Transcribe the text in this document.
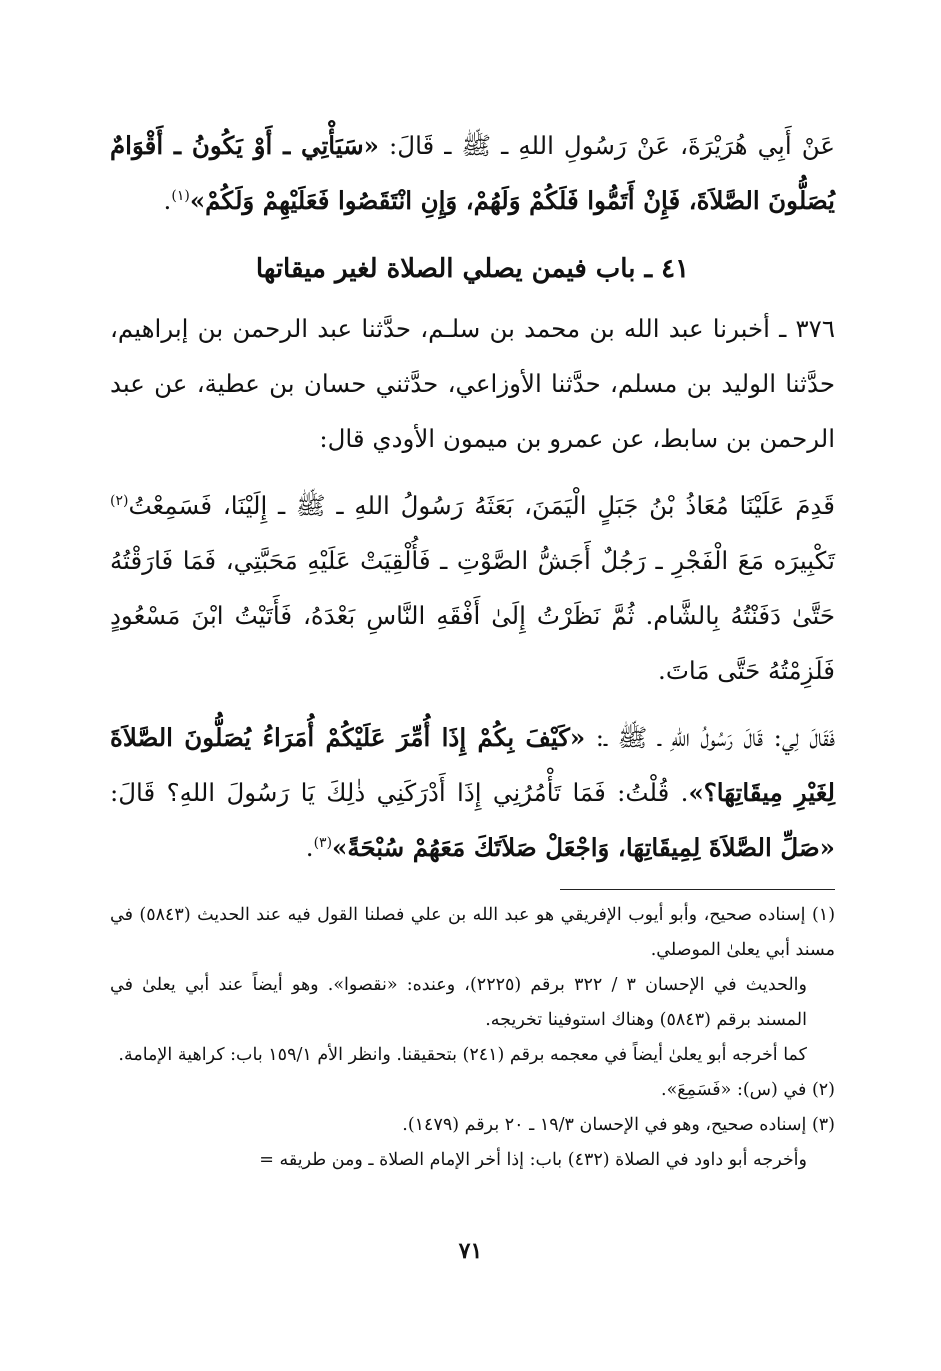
عَنْ أَبِي هُرَيْرَةَ، عَنْ رَسُولِ اللهِ ـ ﷺ ـ قَالَ: «سَيَأْتِي ـ أَوْ يَكُونُ ـ أَقْوَامٌ يُصَلُّونَ الصَّلاَةَ، فَإِنْ أَتَمُّوا فَلَكُمْ وَلَهُمْ، وَإِنِ انْتَقَصُوا فَعَلَيْهِمْ وَلَكُمْ»$^{(١)}$.

٤١ ـ باب فيمن يصلي الصلاة لغير ميقاتها

٣٧٦ ـ أخبرنا عبد الله بن محمد بن سلـم، حدَّثنا عبد الرحمن بن إبراهيم، حدَّثنا الوليد بن مسلم، حدَّثنا الأوزاعي، حدَّثني حسان بن عطية، عن عبد الرحمن بن سابط، عن عمرو بن ميمون الأودي قال:

قَدِمَ عَلَيْنَا مُعَاذُ بْنُ جَبَلٍ الْيَمَنَ، بَعَثَهُ رَسُولُ اللهِ ـ ﷺ ـ إِلَيْنَا، فَسَمِعْتُ$^{(٢)}$ تَكْبِيرَه مَعَ الْفَجْرِ ـ رَجُلٌ أَجَشُّ الصَّوْتِ ـ فَأُلْقِيَتْ عَلَيْهِ مَحَبَّتِي، فَمَا فَارَقْتُهُ حَتَّىٰ دَفَنْتُهُ بِالشَّام. ثُمَّ نَظَرْتُ إِلَىٰ أَفْقَهِ النَّاسِ بَعْدَهُ، فَأَتَيْتُ ابْنَ مَسْعُودٍ فَلَزِمْتُهُ حَتَّى مَاتَ.

فَقَالَ لِي: قَالَ رَسُولُ اللهِ ـ ﷺ ـ: «كَيْفَ بِكُمْ إِذَا أُمِّرَ عَلَيْكُمْ أُمَرَاءُ يُصَلُّونَ الصَّلاَةَ لِغَيْرِ مِيقَاتِهَا؟». قُلْتُ: فَمَا تَأْمُرُنِي إِذَا أَدْرَكَنِي ذٰلِكَ يَا رَسُولَ اللهِ؟ قَالَ: «صَلِّ الصَّلاَةَ لِمِيقَاتِهَا، وَاجْعَلْ صَلاَتَكَ مَعَهُمْ سُبْحَةً»$^{(٣)}$.

(١) إسناده صحيح، وأبو أيوب الإفريقي هو عبد الله بن علي فصلنا القول فيه عند الحديث (٥٨٤٣) في مسند أبي يعلىٰ الموصلي.

والحديث في الإحسان ٣ / ٣٢٢ برقم (٢٢٢٥)، وعنده: «نقصوا». وهو أيضاً عند أبي يعلىٰ في المسند برقم (٥٨٤٣) وهناك استوفينا تخريجه.

كما أخرجه أبو يعلىٰ أيضاً في معجمه برقم (٢٤١) بتحقيقنا. وانظر الأم ١٥٩/١ باب: كراهية الإمامة.

(٢) في (س): «فَسَمِعَ».

(٣) إسناده صحيح، وهو في الإحسان ١٩/٣ ـ ٢٠ برقم (١٤٧٩).

وأخرجه أبو داود في الصلاة (٤٣٢) باب: إذا أخر الإمام الصلاة ـ ومن طريقه =

٧١
